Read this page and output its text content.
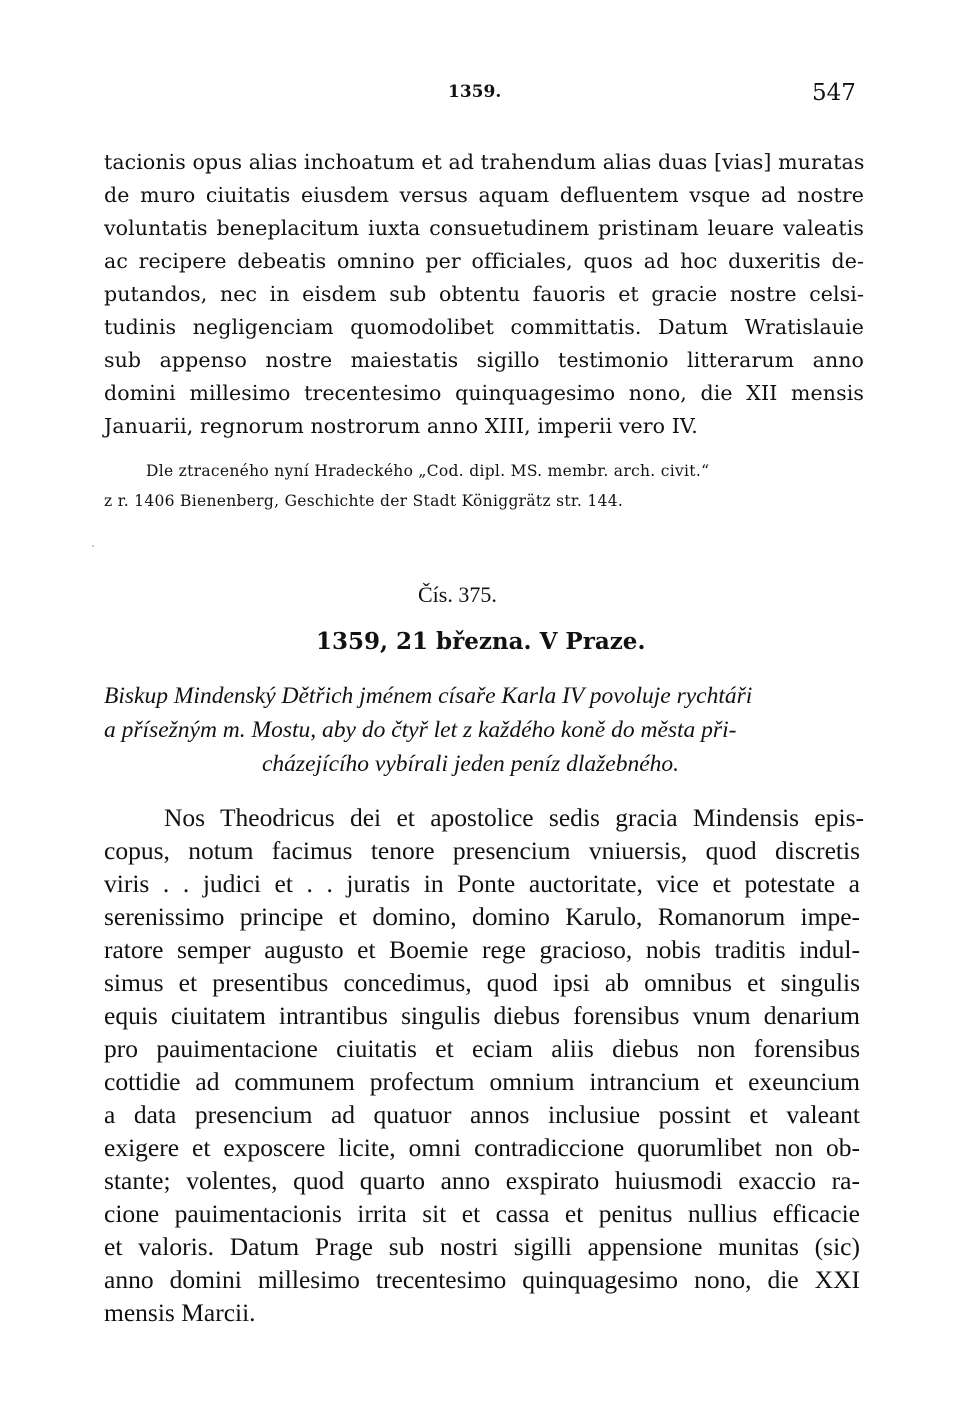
1359.	547
tacionis opus alias inchoatum et ad trahendum alias duas [vias] muratas
de muro ciuitatis eiusdem versus aquam defluentem vsque ad nostre
voluntatis beneplacitum iuxta consuetudinem pristinam leuare valeatis
ac recipere debeatis omnino per officiales, quos ad hoc duxeritis de-
putandos, nec in eisdem sub obtentu fauoris et gracie nostre celsi-
tudinis negligenciam quomodolibet committatis. Datum Wratislauie
sub appenso nostre maiestatis sigillo testimonio litterarum anno
domini millesimo trecentesimo quinquagesimo nono, die XII mensis
Januarii, regnorum nostrorum anno XIII, imperii vero IV.
Dle ztraceného nyní Hradeckého „Cod. dipl. MS. membr. arch. civit.“
z r. 1406 Bienenberg, Geschichte der Stadt Königgrätz str. 144.
Čís. 375.
1359, 21 března. V Praze.
Biskup Mindenský Dětřich jménem císaře Karla IV povoluje rychtáři
a přísežným m. Mostu, aby do čtyř let z každého koně do města při-
cházejícího vybírali jeden peníz dlažebného.
Nos Theodricus dei et apostolice sedis gracia Mindensis epis-
copus, notum facimus tenore presencium vniuersis, quod discretis
viris . . judici et . . juratis in Ponte auctoritate, vice et potestate a
serenissimo principe et domino, domino Karulo, Romanorum impe-
ratore semper augusto et Boemie rege gracioso, nobis traditis indul-
simus et presentibus concedimus, quod ipsi ab omnibus et singulis
equis ciuitatem intrantibus singulis diebus forensibus vnum denarium
pro pauimentacione ciuitatis et eciam aliis diebus non forensibus
cottidie ad communem profectum omnium intrancium et exeuncium
a data presencium ad quatuor annos inclusiue possint et valeant
exigere et exposcere licite, omni contradiccione quorumlibet non ob-
stante; volentes, quod quarto anno exspirato huiusmodi exaccio ra-
cione pauimentacionis irrita sit et cassa et penitus nullius efficacie
et valoris. Datum Prage sub nostri sigilli appensione munitas (sic)
anno domini millesimo trecentesimo quinquagesimo nono, die XXI
mensis Marcii.
